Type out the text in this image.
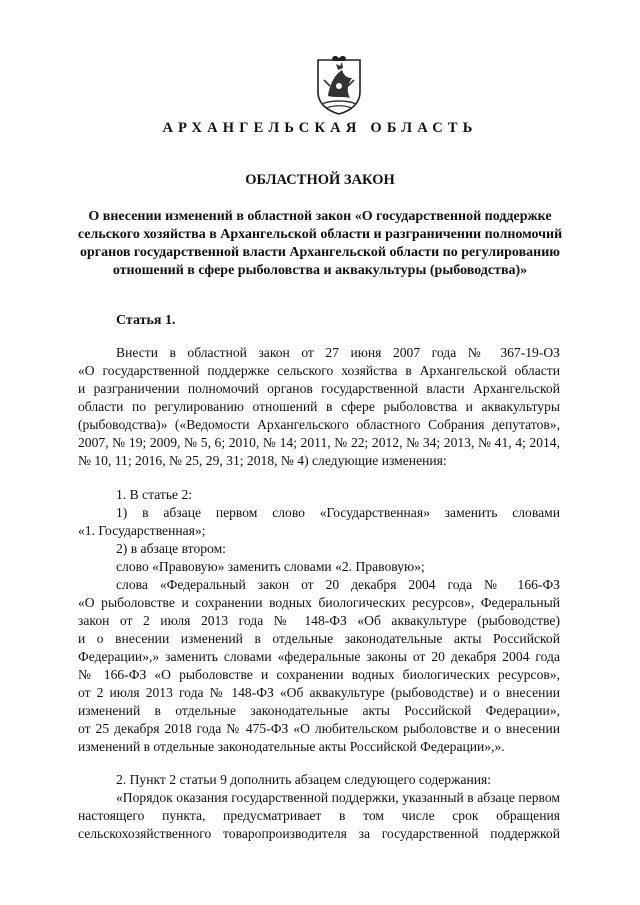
АРХАНГЕЛЬСКАЯ ОБЛАСТЬ
ОБЛАСТНОЙ ЗАКОН
О внесении изменений в областной закон «О государственной поддержке
сельского хозяйства в Архангельской области и разграничении полномочий
органов государственной власти Архангельской области по регулированию
отношений в сфере рыболовства и аквакультуры (рыбоводства)»
Статья 1.
Внести в областной закон от 27 июня 2007 года № 367-19-ОЗ
«О государственной поддержке сельского хозяйства в Архангельской области
и разграничении полномочий органов государственной власти Архангельской
области по регулированию отношений в сфере рыболовства и аквакультуры
(рыбоводства)» («Ведомости Архангельского областного Собрания депутатов»,
2007, № 19; 2009, № 5, 6; 2010, № 14; 2011, № 22; 2012, № 34; 2013, № 41, 4; 2014,
№ 10, 11; 2016, № 25, 29, 31; 2018, № 4) следующие изменения:
1. В статье 2:
1) в абзаце первом слово «Государственная» заменить словами
«1. Государственная»;
2) в абзаце втором:
слово «Правовую» заменить словами «2. Правовую»;
слова «Федеральный закон от 20 декабря 2004 года № 166-ФЗ
«О рыболовстве и сохранении водных биологических ресурсов», Федеральный
закон от 2 июля 2013 года № 148-ФЗ «Об аквакультуре (рыбоводстве)
и о внесении изменений в отдельные законодательные акты Российской
Федерации»,» заменить словами «федеральные законы от 20 декабря 2004 года
№ 166-ФЗ «О рыболовстве и сохранении водных биологических ресурсов»,
от 2 июля 2013 года № 148-ФЗ «Об аквакультуре (рыбоводстве) и о внесении
изменений в отдельные законодательные акты Российской Федерации»,
от 25 декабря 2018 года № 475-ФЗ «О любительском рыболовстве и о внесении
изменений в отдельные законодательные акты Российской Федерации»,».
2. Пункт 2 статьи 9 дополнить абзацем следующего содержания:
«Порядок оказания государственной поддержки, указанный в абзаце первом
настоящего пункта, предусматривает в том числе срок обращения
сельскохозяйственного товаропроизводителя за государственной поддержкой
